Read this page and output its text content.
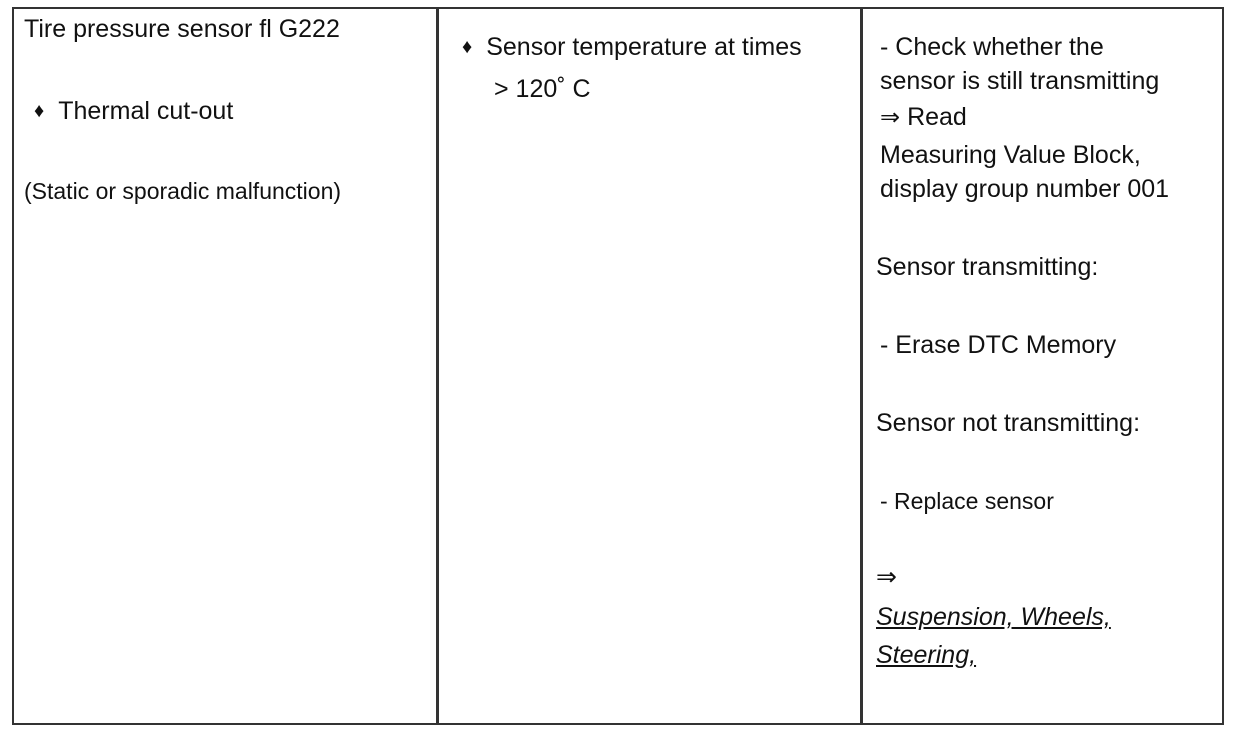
Tire pressure sensor fl G222
♦ Thermal cut-out
(Static or sporadic malfunction)
♦ Sensor temperature at times
> 120˚ C
- Check whether the
sensor is still transmitting
⇒ Read
Measuring Value Block,
display group number 001
Sensor transmitting:
- Erase DTC Memory
Sensor not transmitting:
- Replace sensor
⇒
Suspension, Wheels,
Steering,
